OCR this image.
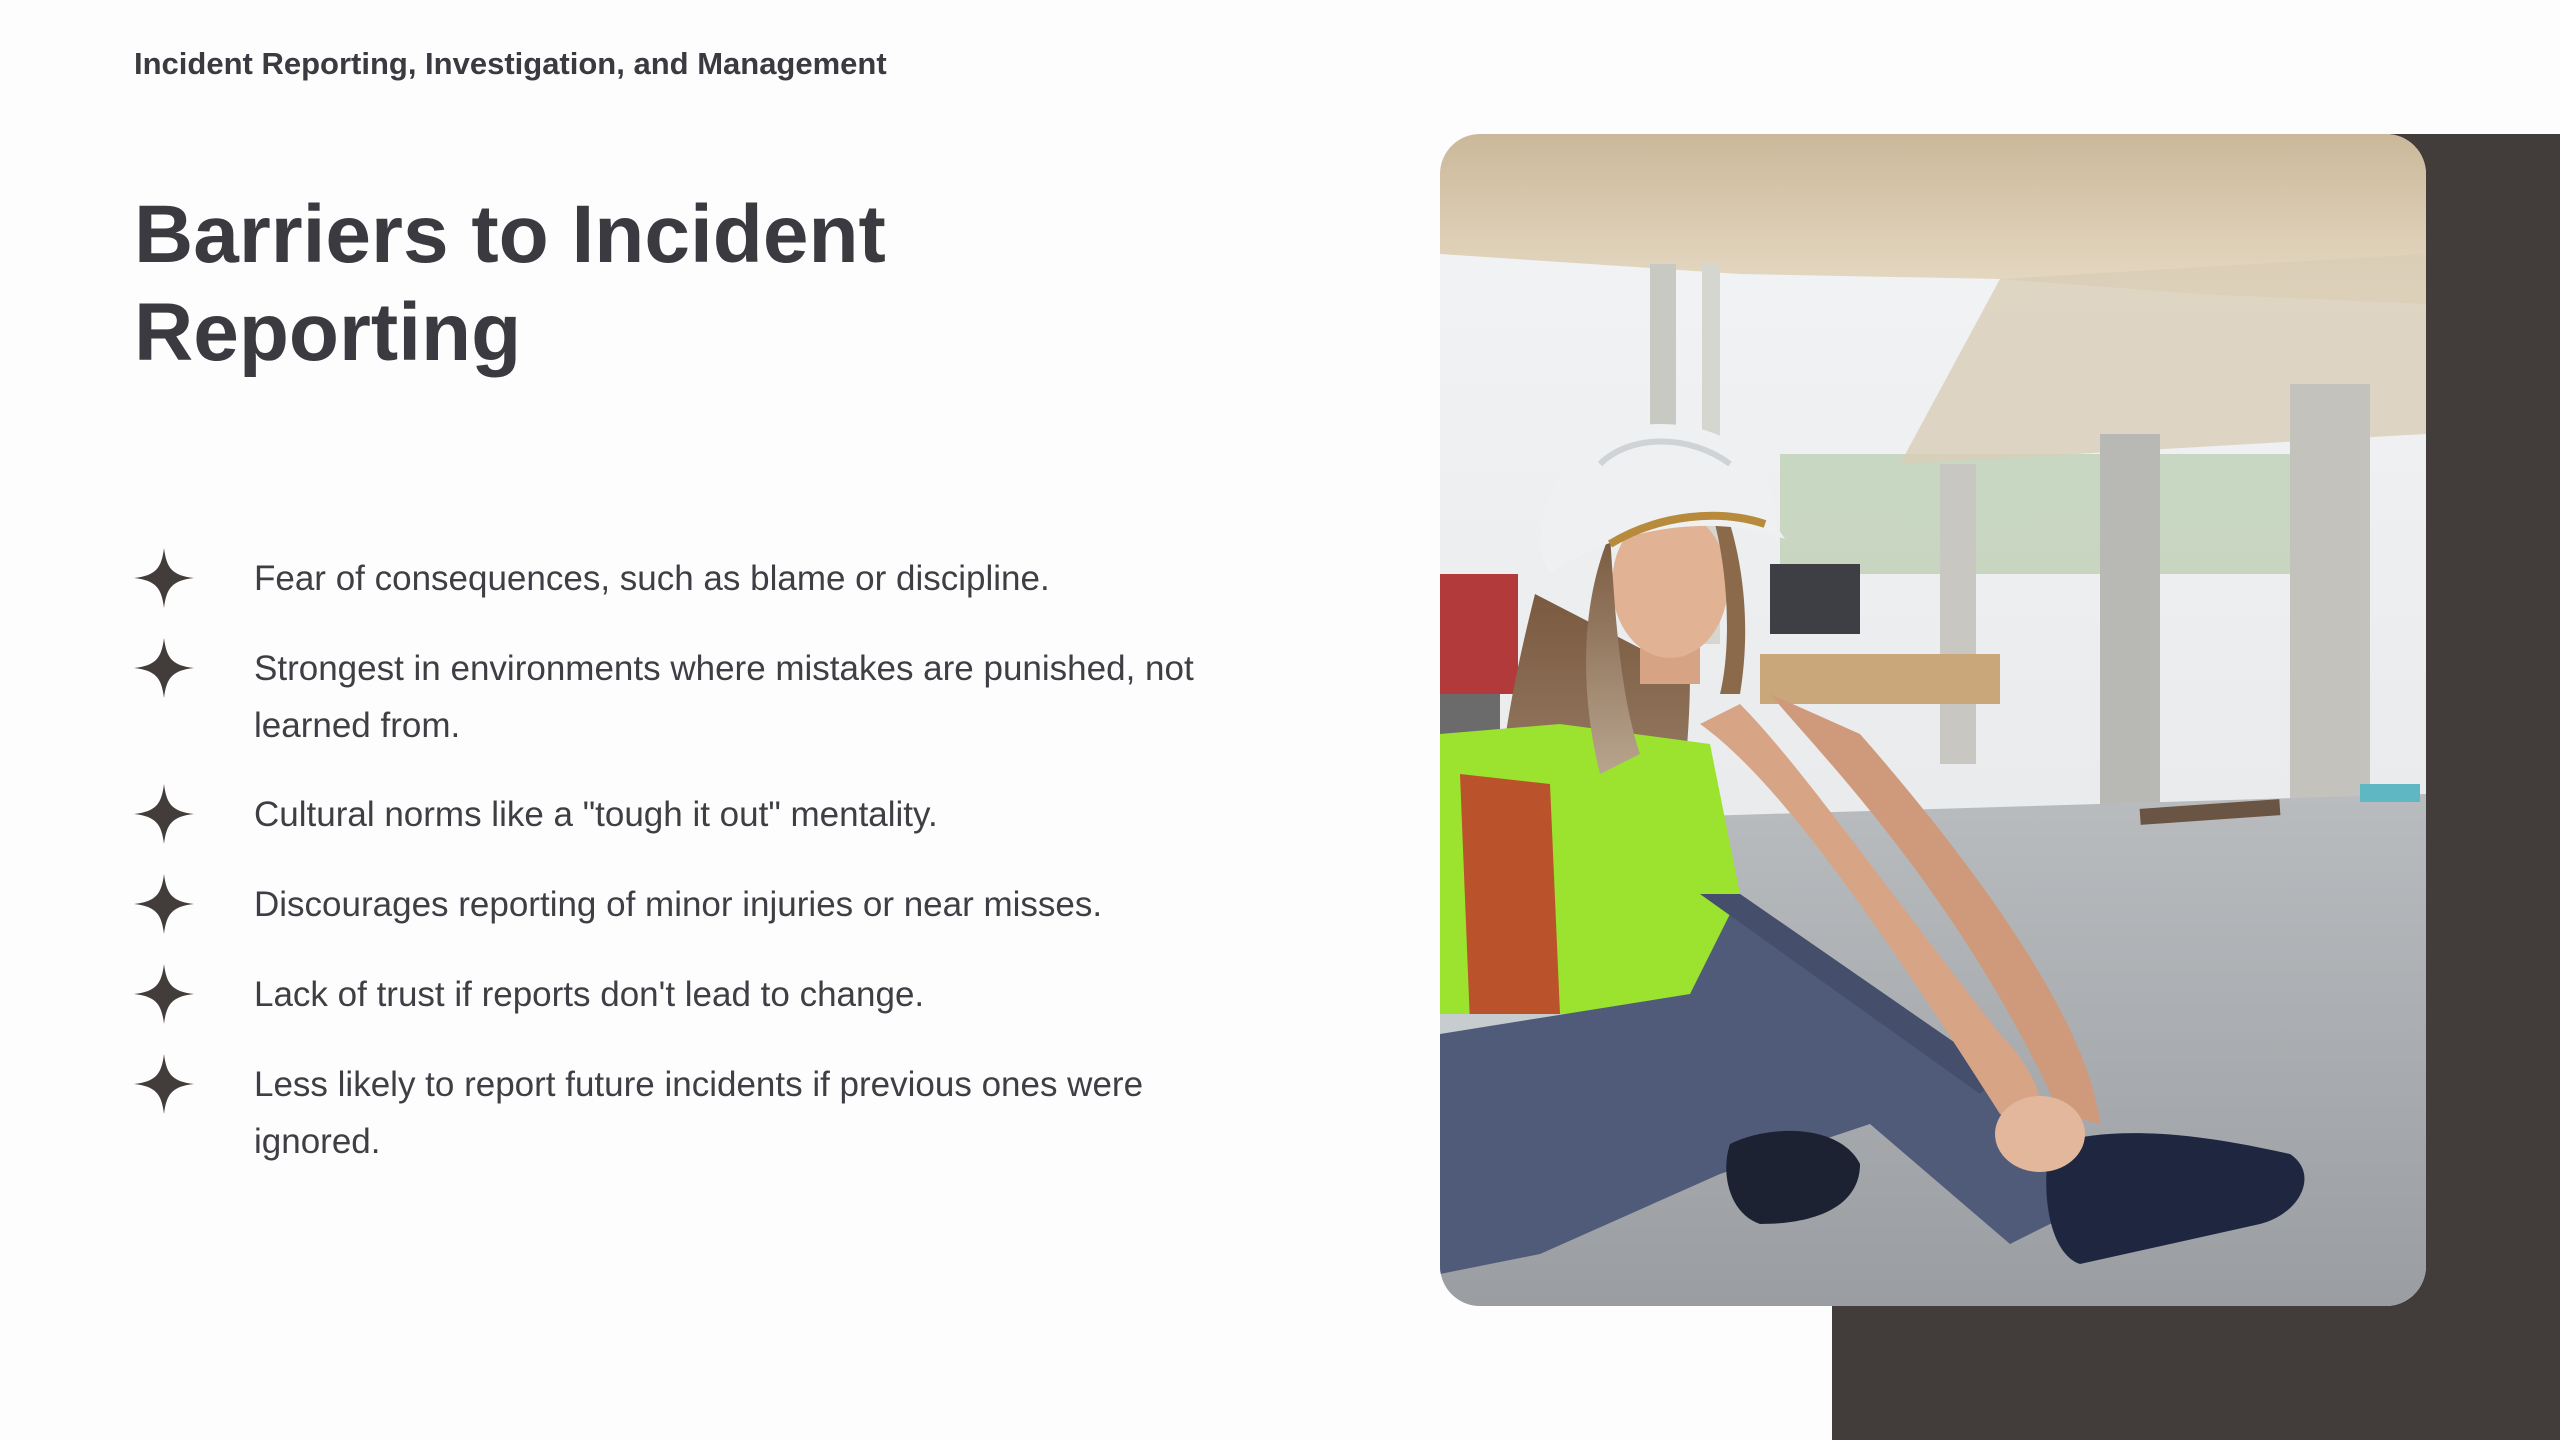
Incident Reporting, Investigation, and Management
Barriers to Incident Reporting
Fear of consequences, such as blame or discipline.
Strongest in environments where mistakes are punished, not learned from.
Cultural norms like a "tough it out" mentality.
Discourages reporting of minor injuries or near misses.
Lack of trust if reports don't lead to change.
Less likely to report future incidents if previous ones were ignored.
